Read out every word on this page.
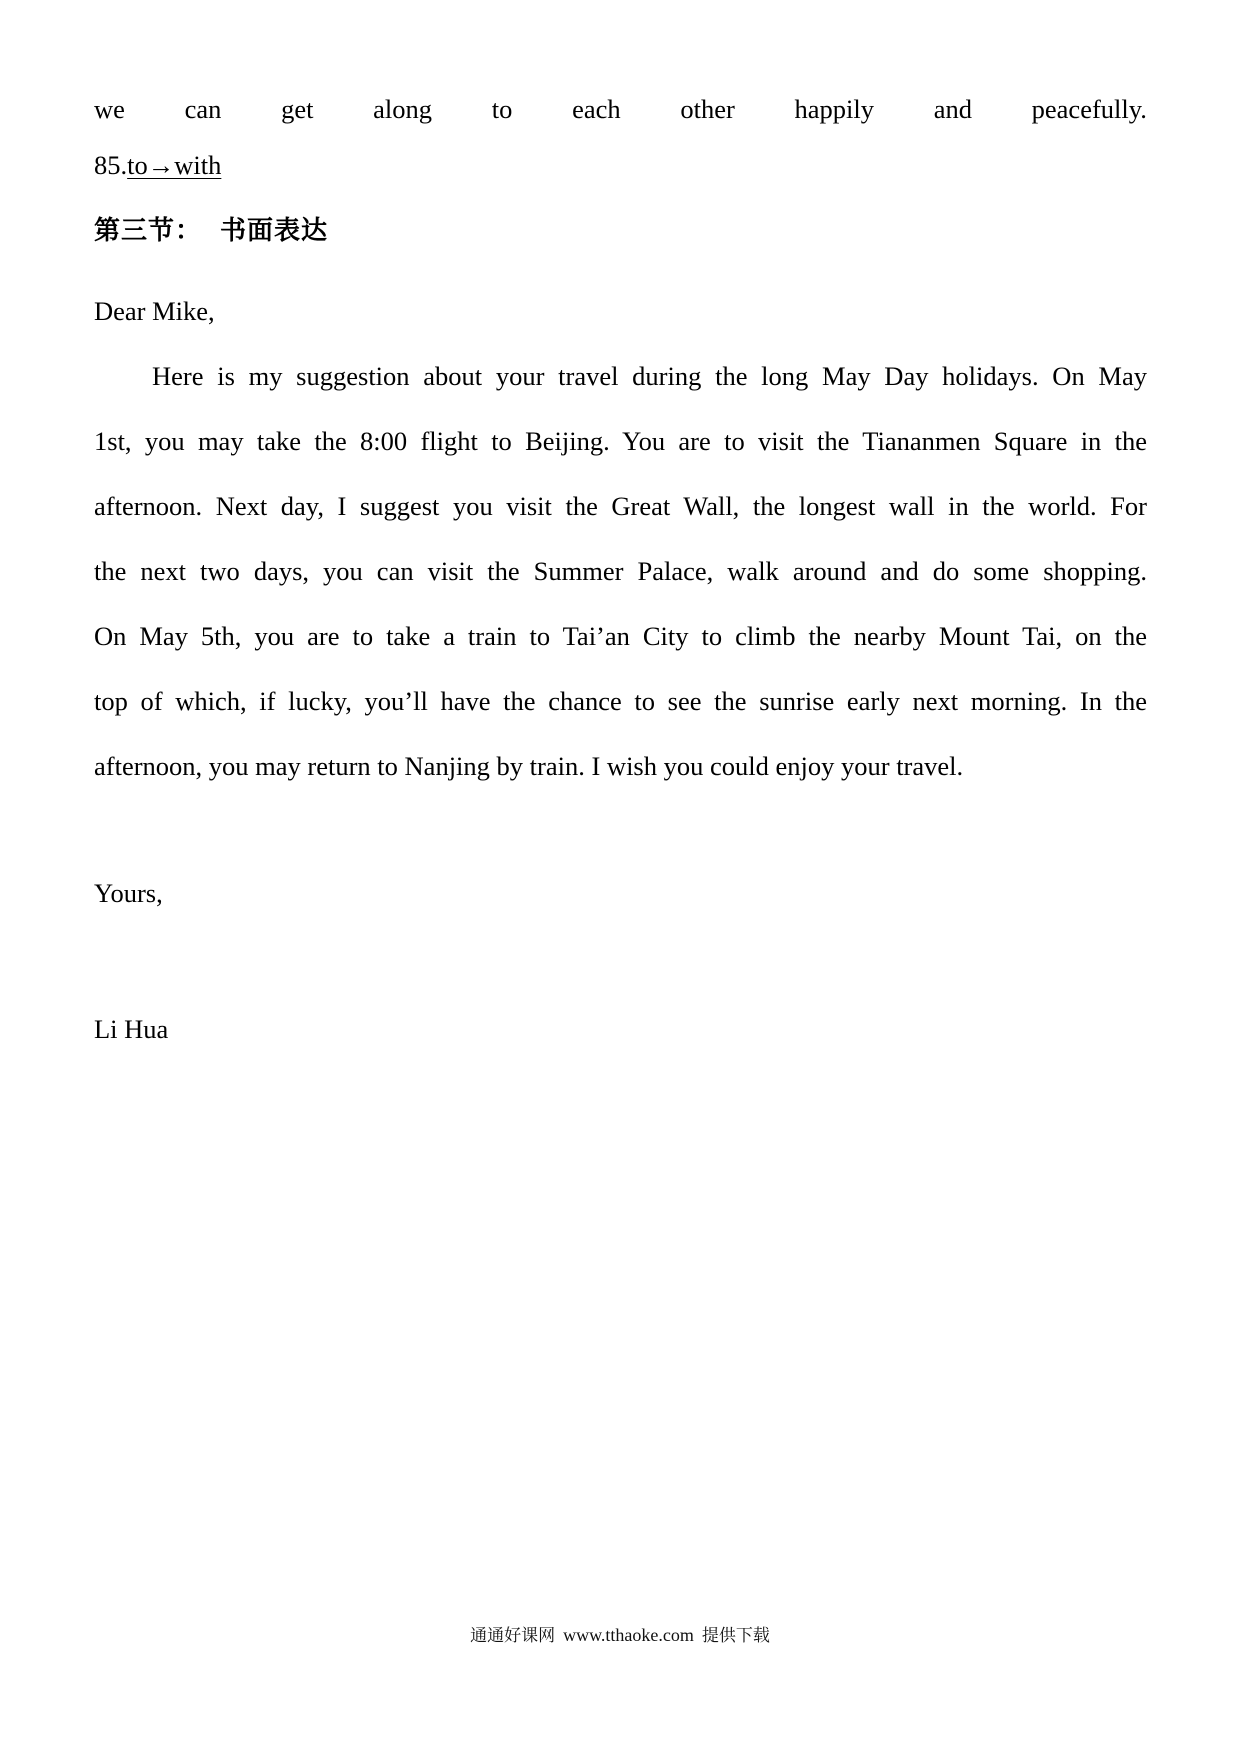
we can get along to each other happily and peacefully.
85.to→with
第三节： 书面表达
Dear Mike,
Here is my suggestion about your travel during the long May Day holidays. On May
1st, you may take the 8:00 flight to Beijing. You are to visit the Tiananmen Square in the
afternoon. Next day, I suggest you visit the Great Wall, the longest wall in the world. For
the next two days, you can visit the Summer Palace, walk around and do some shopping.
On May 5th, you are to take a train to Tai’an City to climb the nearby Mount Tai, on the
top of which, if lucky, you’ll have the chance to see the sunrise early next morning. In the
afternoon, you may return to Nanjing by train. I wish you could enjoy your travel.
Yours,
Li Hua
通通好课网 www.tthaoke.com 提供下载
